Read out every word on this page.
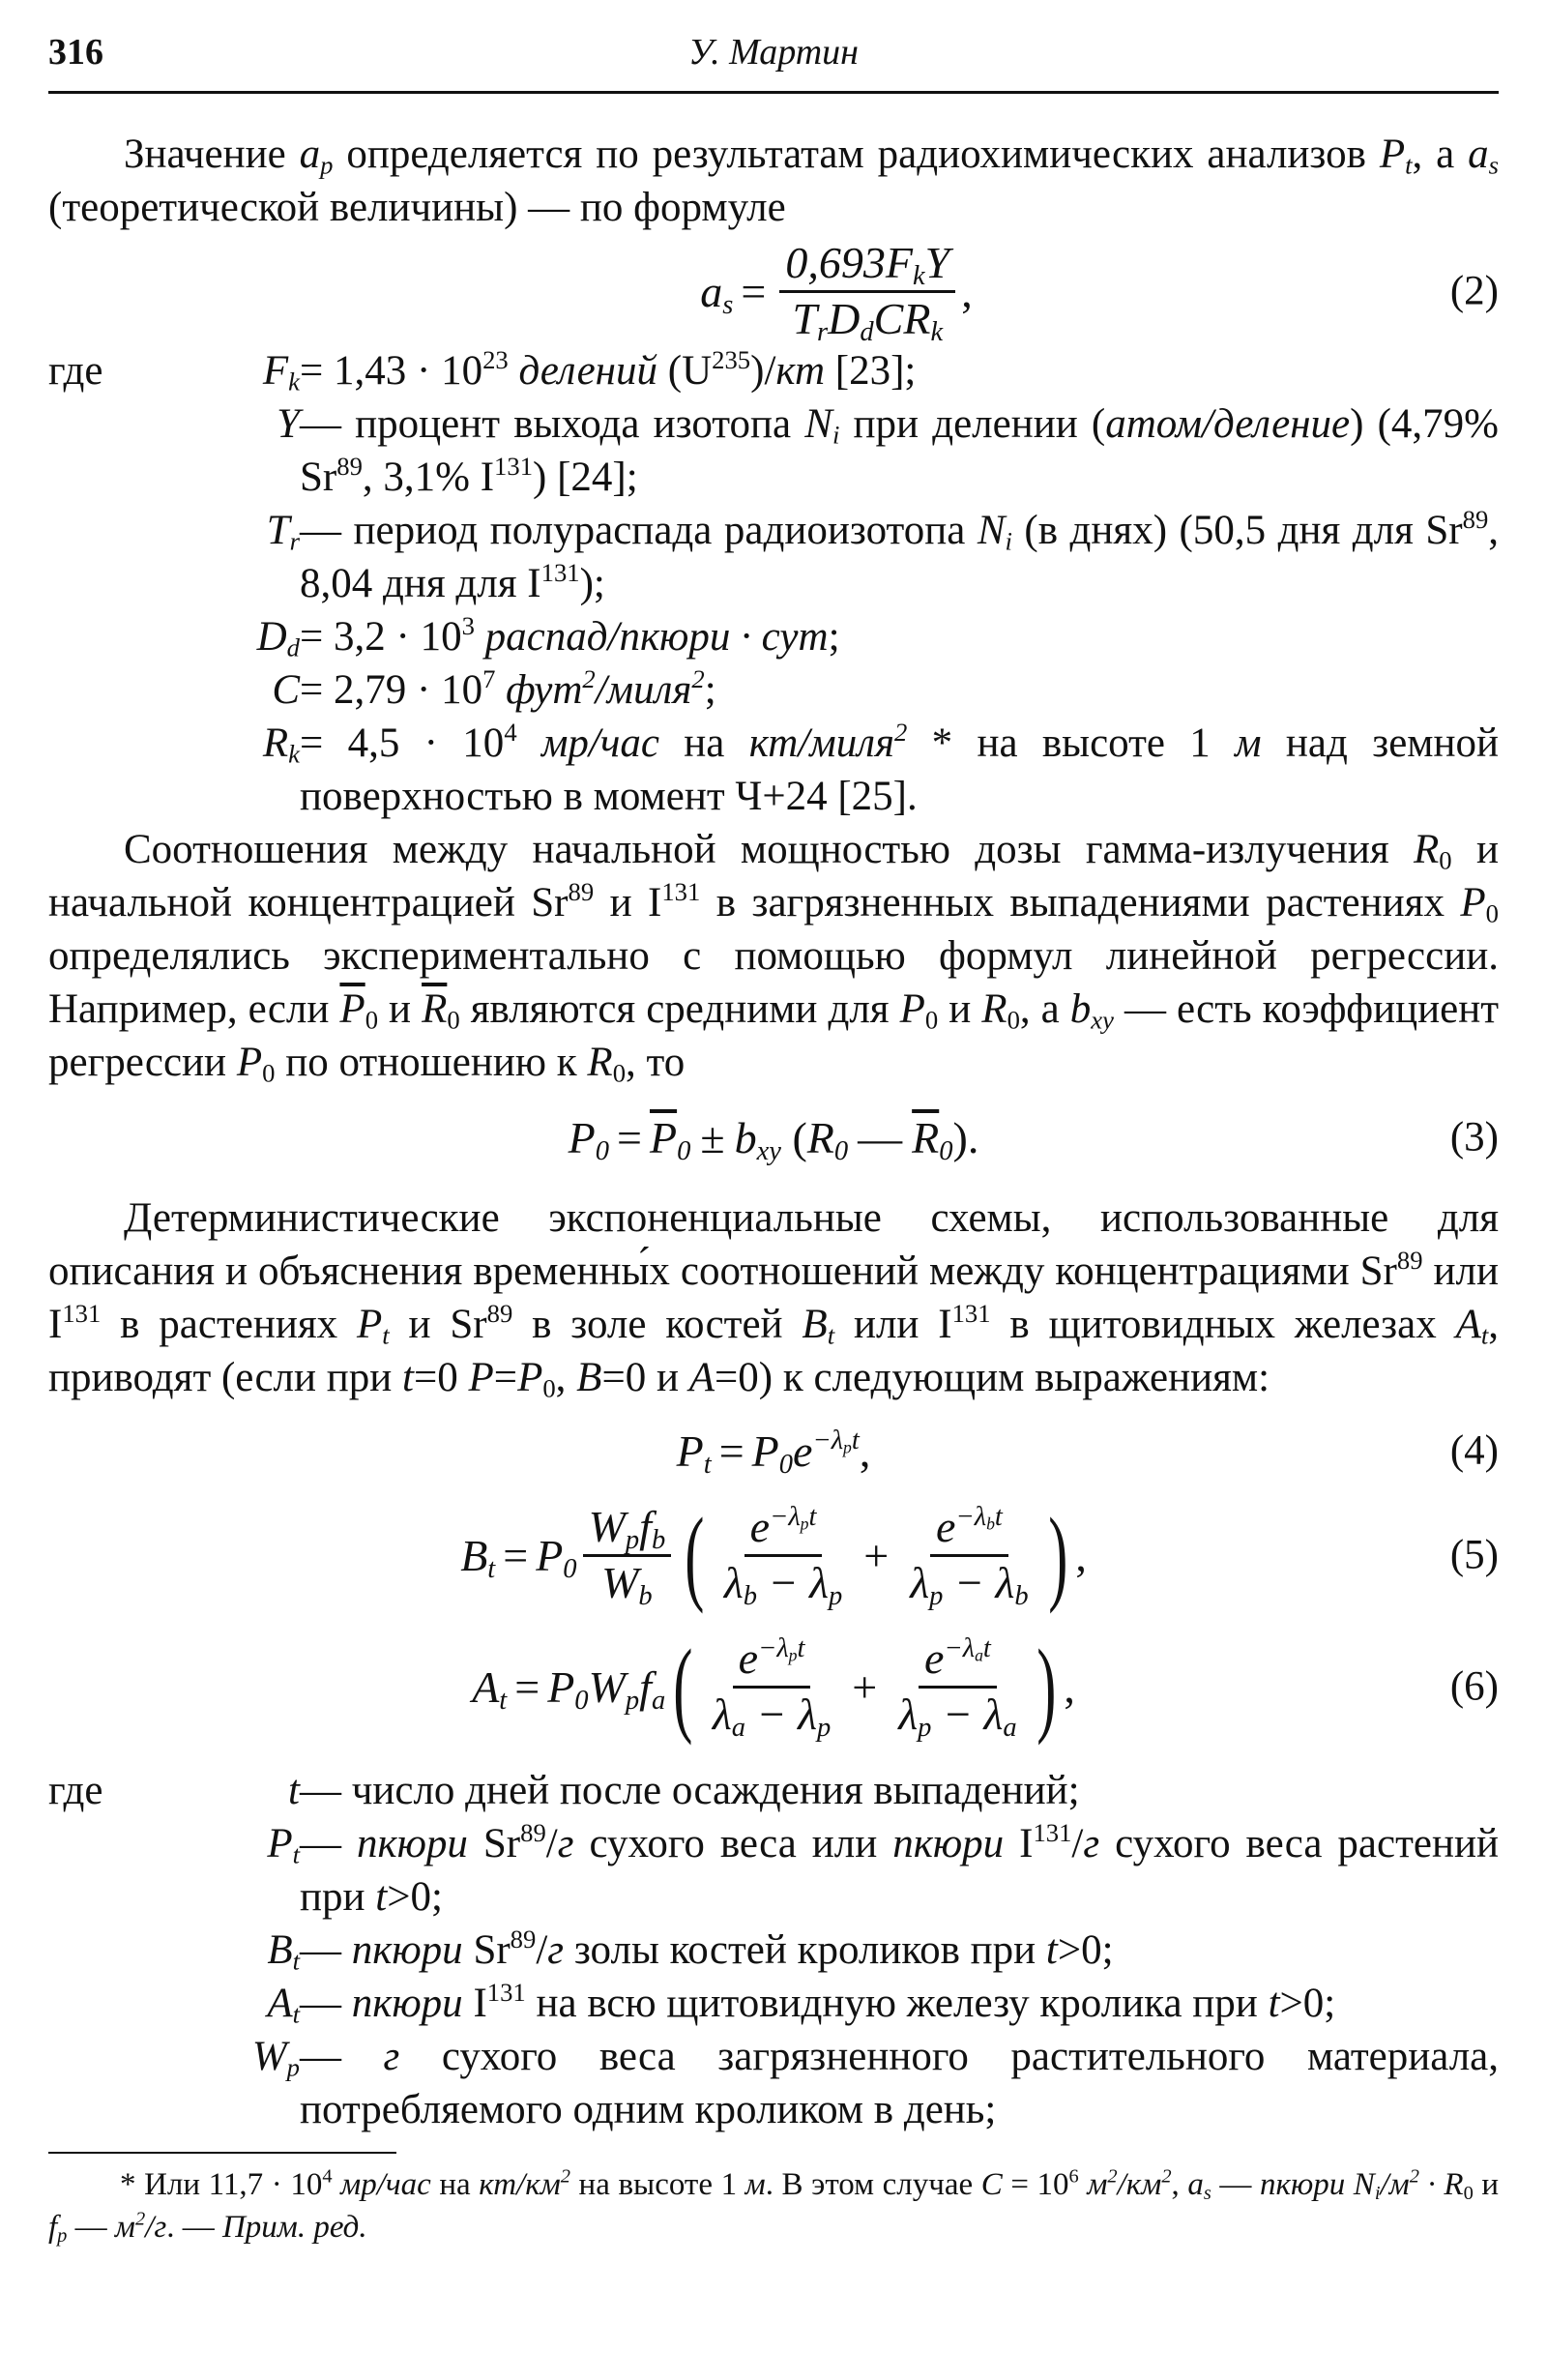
316	У. Мартин

Значение $a_p$ определяется по результатам радиохимических анализов $P_t$, а $a_s$ (теоретической величины) — по формуле

$a_s = \frac{0,693F_kY}{T_rD_dCR_k}$ ,	(2)
где	$F_k = 1,43 \cdot 10^{23}$ делений $(U^{235})/кт$ [23];
Y — процент выхода изотопа $N_i$ при делении (атом/деление) (4,79% Sr$^{89}$, 3,1% $I^{131}$) [24];
$T_r$ — период полураспада радиоизотопа $N_i$ (в днях) (50,5 дня для Sr$^{89}$, 8,04 дня для $I^{131}$);
$D_d = 3,2 \cdot 10^3$ распад/пкюри · сут;
$C = 2,79 \cdot 10^7$ фут$^2$/миля$^2$;
$R_k = 4,5 \cdot 10^4$ мр/час на кт/миля$^2$ * на высоте 1 м над земной поверхностью в момент Ч+24 [25].

Соотношения между начальной мощностью дозы гамма-излучения $R_0$ и начальной концентрацией Sr$^{89}$ и $I^{131}$ в загрязненных выпадениями растениях $P_0$ определялись экспериментально с помощью формул линейной регрессии. Например, если $\overline{P}_0$ и $\overline{R}_0$ являются средними для $P_0$ и $R_0$, а $b_{xy}$ — есть коэффициент регрессии $P_0$ по отношению к $R_0$, то

$P_0 = \overline{P}_0 \pm b_{xy}$ ( $R_0$ — $\overline{R}_0$ ).	(3)

Детерминистические экспоненциальные схемы, использованные для описания и объяснения временны́х соотношений между концентрациями Sr$^{89}$ или $I^{131}$ в растениях $P_t$ и Sr$^{89}$ в золе костей $B_t$ или $I^{131}$ в щитовидных железах $A_t$, приводят (если при t=0 $P=P_0$, B=0 и A=0) к следующим выражениям:

$P_t = P_0e^{-\lambda_pt}$ ,	(4)
$B_t = P_0 \frac{W_pf_b}{W_b}$ ( $\frac{e^{-\lambda_pt}}{\lambda_b - \lambda_p} + \frac{e^{-\lambda_bt}}{\lambda_p - \lambda_b}$ ) ,	(5)
$A_t = P_0W_pf_a$ ( $\frac{e^{-\lambda_pt}}{\lambda_a - \lambda_p} + \frac{e^{-\lambda_at}}{\lambda_p - \lambda_a}$ ) ,	(6)
где	t — число дней после осаждения выпадений;
$P_t$ — пкюри Sr$^{89}$/г сухого веса или пкюри $I^{131}/г$ сухого веса растений при t>0;
$B_t$ — пкюри Sr$^{89}$/г золы костей кроликов при t>0;
$A_t$ — пкюри $I^{131}$ на всю щитовидную железу кролика при t>0;
$W_p$ — г сухого веса загрязненного растительного материала, потребляемого одним кроликом в день;

* Или $11,7 \cdot 10^4$ мр/час на $кт/км^2$ на высоте 1 м. В этом случае $C = 10^6$ $м^2/км^2$, $a_s$ — пкюри $N_i/м^2 \cdot R_0$ и $f_p$ — $м^2/г$. — Прим. ред.
